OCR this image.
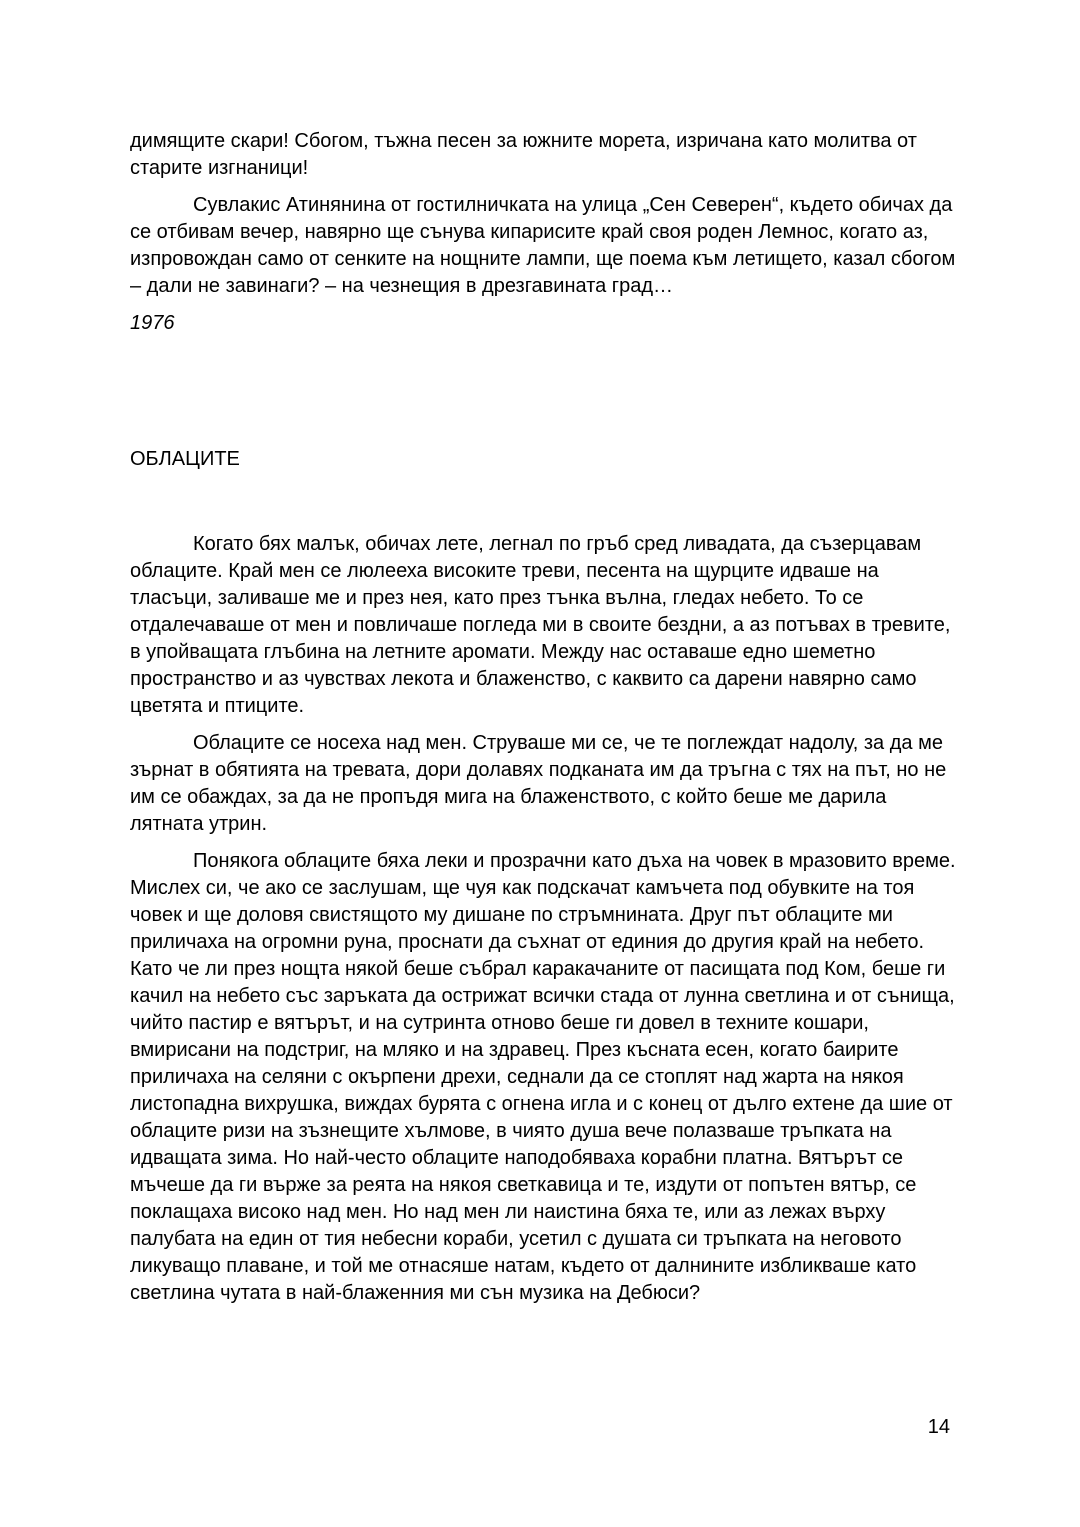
димящите скари! Сбогом, тъжна песен за южните морета, изричана като молитва от старите изгнаници!

Сувлакис Атинянина от гостилничката на улица „Сен Северен“, където обичах да се отбивам вечер, навярно ще сънува кипарисите край своя роден Лемнос, когато аз, изпровождан само от сенките на нощните лампи, ще поема към летището, казал сбогом – дали не завинаги? – на чезнещия в дрезгавината град…

1976

ОБЛАЦИТЕ

Когато бях малък, обичах лете, легнал по гръб сред ливадата, да съзерцавам облаците. Край мен се люлееха високите треви, песента на щурците идваше на тласъци, заливаше ме и през нея, като през тънка вълна, гледах небето. То се отдалечаваше от мен и повличаше погледа ми в своите бездни, а аз потъвах в тревите, в упойващата глъбина на летните аромати. Между нас оставаше едно шеметно пространство и аз чувствах лекота и блаженство, с каквито са дарени навярно само цветята и птиците.

Облаците се носеха над мен. Струваше ми се, че те поглеждат надолу, за да ме зърнат в обятията на тревата, дори долавях подканата им да тръгна с тях на път, но не им се обаждах, за да не пропъдя мига на блаженството, с който беше ме дарила лятната утрин.

Понякога облаците бяха леки и прозрачни като дъха на човек в мразовито време. Мислех си, че ако се заслушам, ще чуя как подскачат камъчета под обувките на тоя човек и ще доловя свистящото му дишане по стръмнината. Друг път облаците ми приличаха на огромни руна, проснати да съхнат от единия до другия край на небето. Като че ли през нощта някой беше събрал каракачаните от пасищата под Ком, беше ги качил на небето със заръката да острижат всички стада от лунна светлина и от сънища, чийто пастир е вятърът, и на сутринта отново беше ги довел в техните кошари, вмирисани на подстриг, на мляко и на здравец. През късната есен, когато баирите приличаха на селяни с окърпени дрехи, седнали да се стоплят над жарта на някоя листопадна вихрушка, виждах бурята с огнена игла и с конец от дълго ехтене да шие от облаците ризи на зъзнещите хълмове, в чиято душа вече полазваше тръпката на идващата зима. Но най-често облаците наподобяваха корабни платна. Вятърът се мъчеше да ги върже за реята на някоя светкавица и те, издути от попътен вятър, се поклащаха високо над мен. Но над мен ли наистина бяха те, или аз лежах върху палубата на един от тия небесни кораби, усетил с душата си тръпката на неговото ликуващо плаване, и той ме отнасяше натам, където от далнините избликваше като светлина чутата в най-блаженния ми сън музика на Дебюси?

14
